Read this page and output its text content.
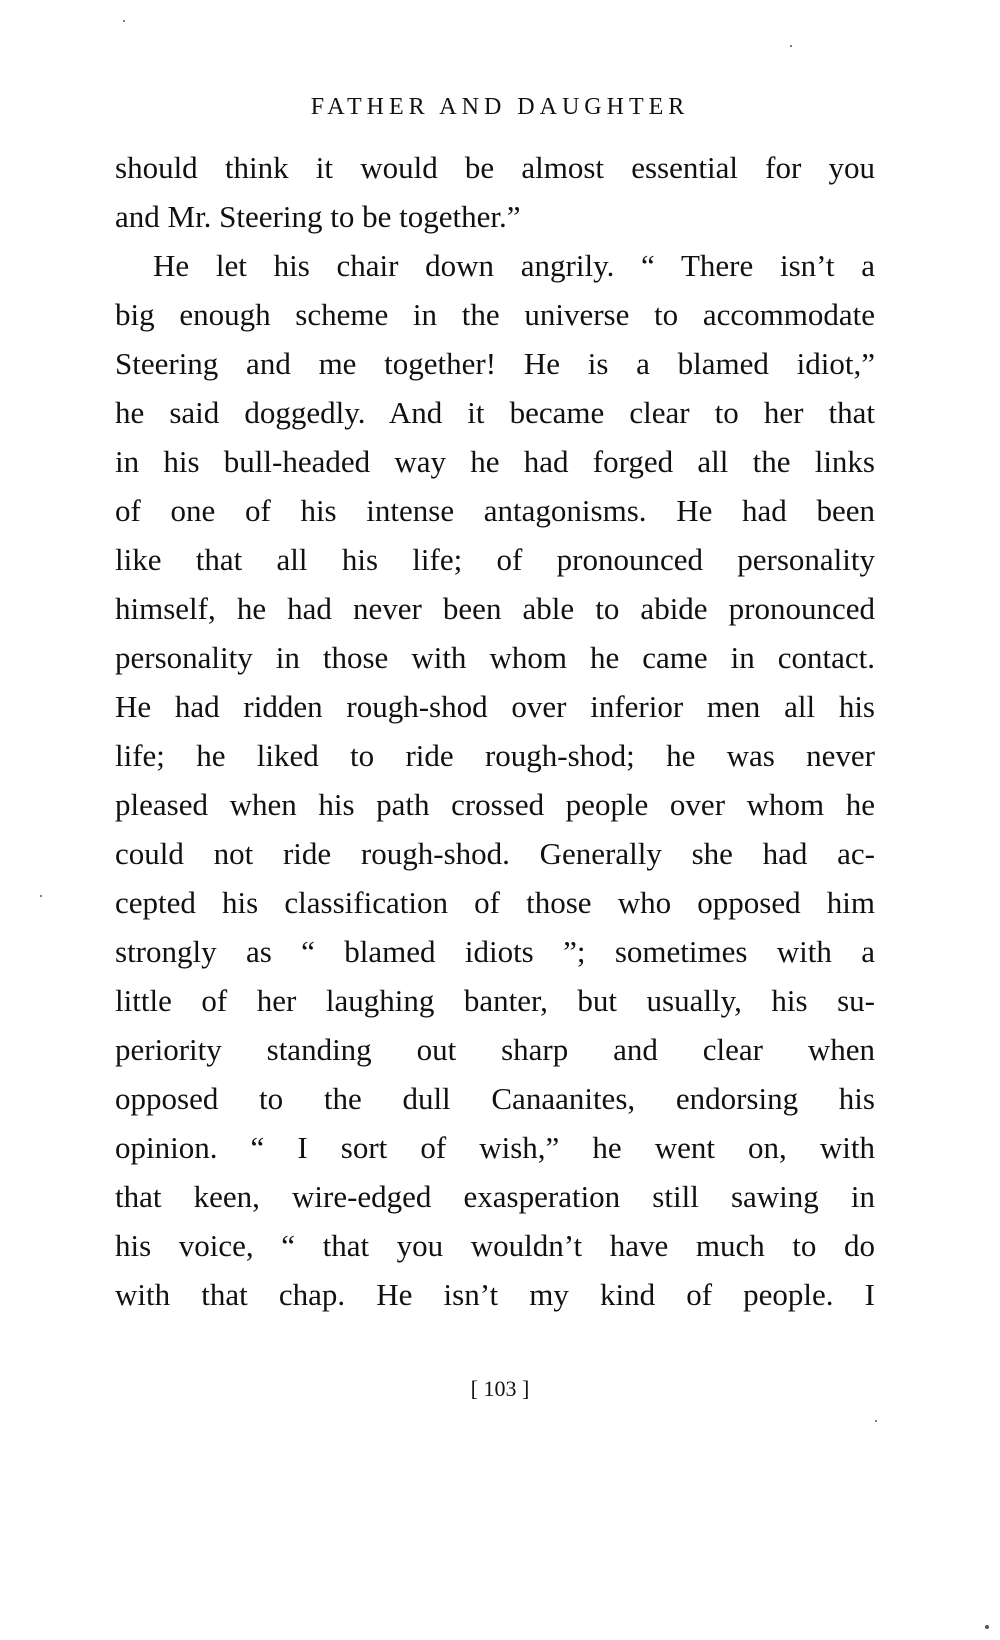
FATHER AND DAUGHTER
should think it would be almost essential for you
and Mr. Steering to be together.”
He let his chair down angrily. “ There isn’t a
big enough scheme in the universe to accommodate
Steering and me together! He is a blamed idiot,”
he said doggedly. And it became clear to her that
in his bull-headed way he had forged all the links
of one of his intense antagonisms. He had been
like that all his life; of pronounced personality
himself, he had never been able to abide pronounced
personality in those with whom he came in contact.
He had ridden rough-shod over inferior men all his
life; he liked to ride rough-shod; he was never
pleased when his path crossed people over whom he
could not ride rough-shod. Generally she had ac-
cepted his classification of those who opposed him
strongly as “ blamed idiots ”; sometimes with a
little of her laughing banter, but usually, his su-
periority standing out sharp and clear when
opposed to the dull Canaanites, endorsing his
opinion. “ I sort of wish,” he went on, with
that keen, wire-edged exasperation still sawing in
his voice, “ that you wouldn’t have much to do
with that chap. He isn’t my kind of people. I
[ 103 ]
